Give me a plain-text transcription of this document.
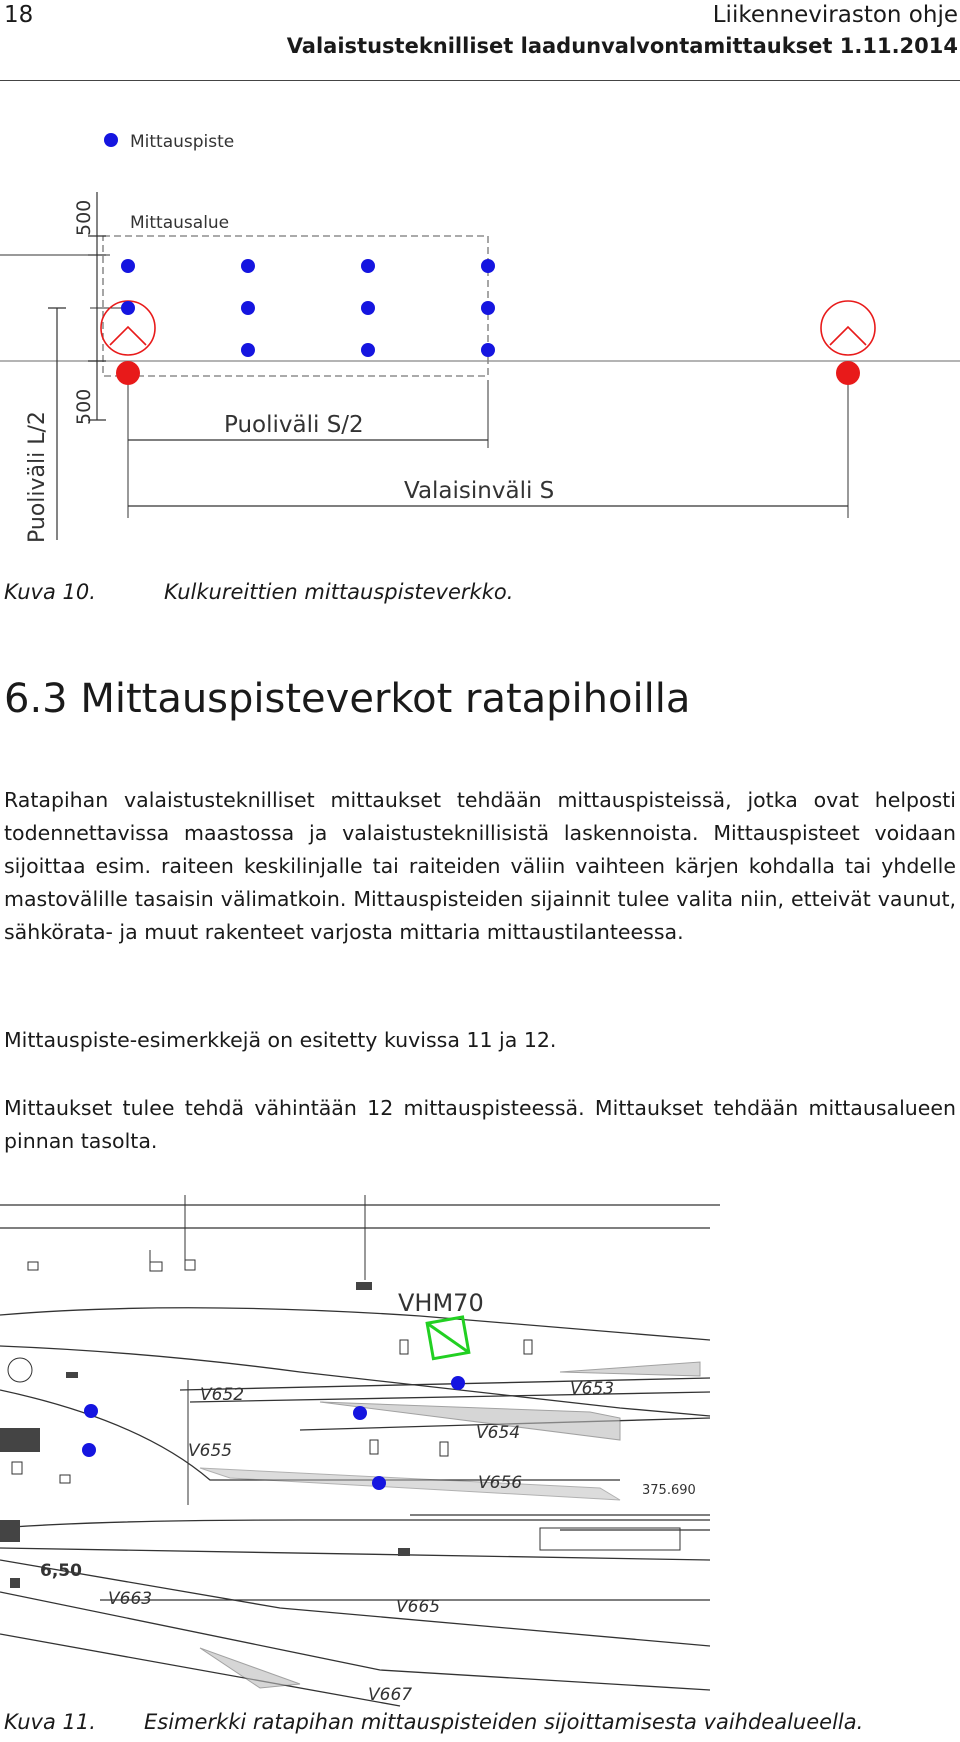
18	Liikenneviraston ohje
Valaistusteknilliset laadunvalvontamittaukset 1.11.2014
Mittauspiste
Mittausalue
500
500
Puoliväli L/2	Puoliväli S/2
Valaisinväli S
Kuva 10.	Kulkureittien mittauspisteverkko.
6.3 Mittauspisteverkot ratapihoilla
Ratapihan valaistusteknilliset mittaukset tehdään mittauspisteissä, jotka ovat helposti todennettavissa maastossa ja valaistusteknillisistä laskennoista. Mittauspisteet voidaan sijoittaa esim. raiteen keskilinjalle tai raiteiden väliin vaihteen kärjen kohdalla tai yhdelle mastovälille tasaisin välimatkoin. Mittauspisteiden sijainnit tulee valita niin, etteivät vaunut, sähkörata- ja muut rakenteet varjosta mittaria mittaustilanteessa.
Mittauspiste-esimerkkejä on esitetty kuvissa 11 ja 12.
Mittaukset tulee tehdä vähintään 12 mittauspisteessä. Mittaukset tehdään mittausalueen pinnan tasolta.
VHM70
V652	V653
V654
V655
V656
V663	V665
V667
375.690
6,50
Kuva 11. Esimerkki ratapihan mittauspisteiden sijoittamisesta vaihdealueella.
